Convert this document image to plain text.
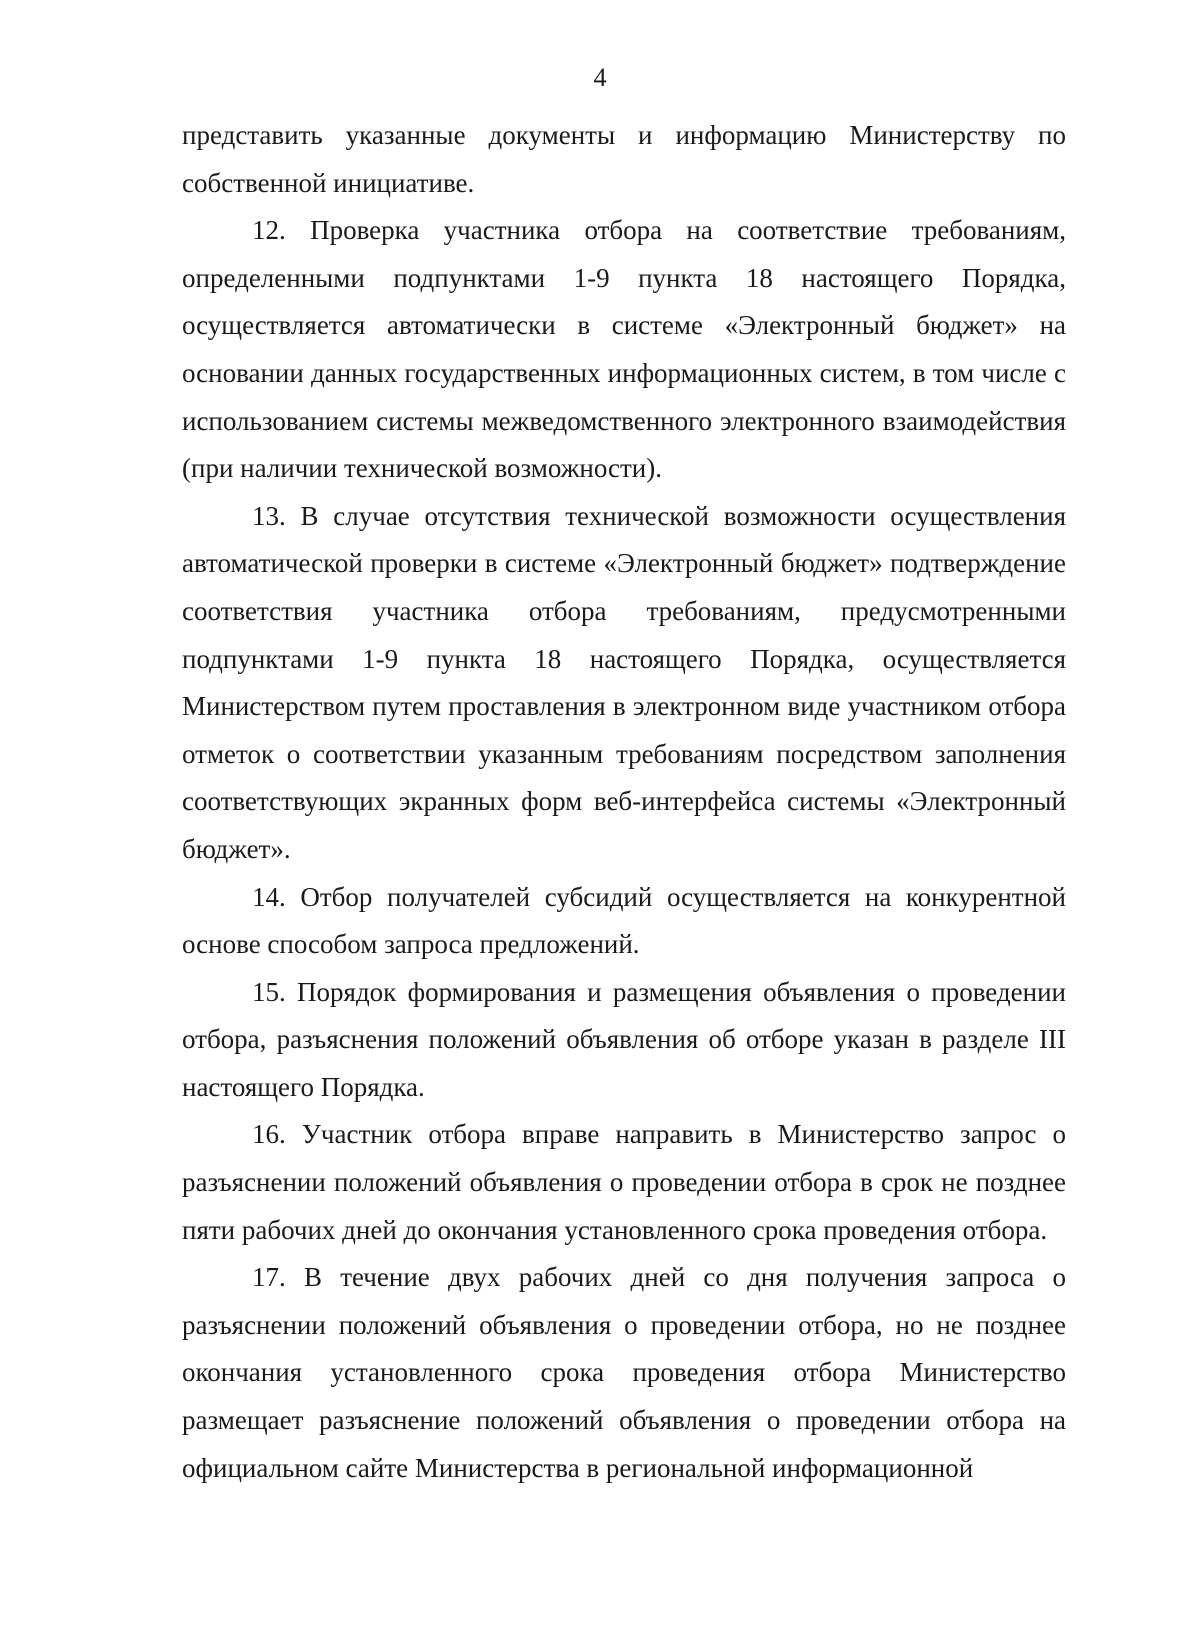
4

представить указанные документы и информацию Министерству по собственной инициативе.

12. Проверка участника отбора на соответствие требованиям, определенными подпунктами 1-9 пункта 18 настоящего Порядка, осуществляется автоматически в системе «Электронный бюджет» на основании данных государственных информационных систем, в том числе с использованием системы межведомственного электронного взаимодействия (при наличии технической возможности).

13. В случае отсутствия технической возможности осуществления автоматической проверки в системе «Электронный бюджет» подтверждение соответствия участника отбора требованиям, предусмотренными подпунктами 1-9 пункта 18 настоящего Порядка, осуществляется Министерством путем проставления в электронном виде участником отбора отметок о соответствии указанным требованиям посредством заполнения соответствующих экранных форм веб-интерфейса системы «Электронный бюджет».

14. Отбор получателей субсидий осуществляется на конкурентной основе способом запроса предложений.

15. Порядок формирования и размещения объявления о проведении отбора, разъяснения положений объявления об отборе указан в разделе III настоящего Порядка.

16. Участник отбора вправе направить в Министерство запрос о разъяснении положений объявления о проведении отбора в срок не позднее пяти рабочих дней до окончания установленного срока проведения отбора.

17. В течение двух рабочих дней со дня получения запроса о разъяснении положений объявления о проведении отбора, но не позднее окончания установленного срока проведения отбора Министерство размещает разъяснение положений объявления о проведении отбора на официальном сайте Министерства в региональной информационной
